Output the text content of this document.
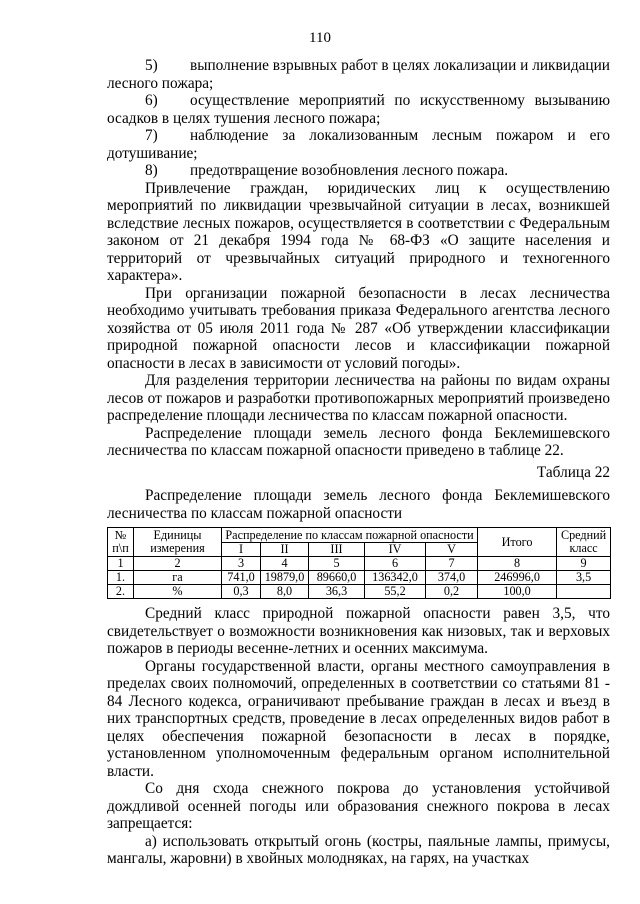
110

5) выполнение взрывных работ в целях локализации и ликвидации лесного пожара;

6) осуществление мероприятий по искусственному вызыванию осадков в целях тушения лесного пожара;

7) наблюдение за локализованным лесным пожаром и его дотушивание;

8) предотвращение возобновления лесного пожара.

Привлечение граждан, юридических лиц к осуществлению мероприятий по ликвидации чрезвычайной ситуации в лесах, возникшей вследствие лесных пожаров, осуществляется в соответствии с Федеральным законом от 21 декабря 1994 года № 68-ФЗ «О защите населения и территорий от чрезвычайных ситуаций природного и техногенного характера».

При организации пожарной безопасности в лесах лесничества необходимо учитывать требования приказа Федерального агентства лесного хозяйства от 05 июля 2011 года № 287 «Об утверждении классификации природной пожарной опасности лесов и классификации пожарной опасности в лесах в зависимости от условий погоды».

Для разделения территории лесничества на районы по видам охраны лесов от пожаров и разработки противопожарных мероприятий произведено распределение площади лесничества по классам пожарной опасности.

Распределение площади земель лесного фонда Беклемишевского лесничества по классам пожарной опасности приведено в таблице 22.

Таблица 22

Распределение площади земель лесного фонда Беклемишевского лесничества по классам пожарной опасности

№ п\п	Единицы измерения	Распределение по классам пожарной опасности					Итого	Средний класс
		I	II	III	IV	V		
1	2	3	4	5	6	7	8	9
1.	га	741,0	19879,0	89660,0	136342,0	374,0	246996,0	3,5
2.	%	0,3	8,0	36,3	55,2	0,2	100,0	

Средний класс природной пожарной опасности равен 3,5, что свидетельствует о возможности возникновения как низовых, так и верховых пожаров в периоды весенне-летних и осенних максимума.

Органы государственной власти, органы местного самоуправления в пределах своих полномочий, определенных в соответствии со статьями 81 - 84 Лесного кодекса, ограничивают пребывание граждан в лесах и въезд в них транспортных средств, проведение в лесах определенных видов работ в целях обеспечения пожарной безопасности в лесах в порядке, установленном уполномоченным федеральным органом исполнительной власти.

Со дня схода снежного покрова до установления устойчивой дождливой осенней погоды или образования снежного покрова в лесах запрещается:

а) использовать открытый огонь (костры, паяльные лампы, примусы, мангалы, жаровни) в хвойных молодняках, на гарях, на участках
